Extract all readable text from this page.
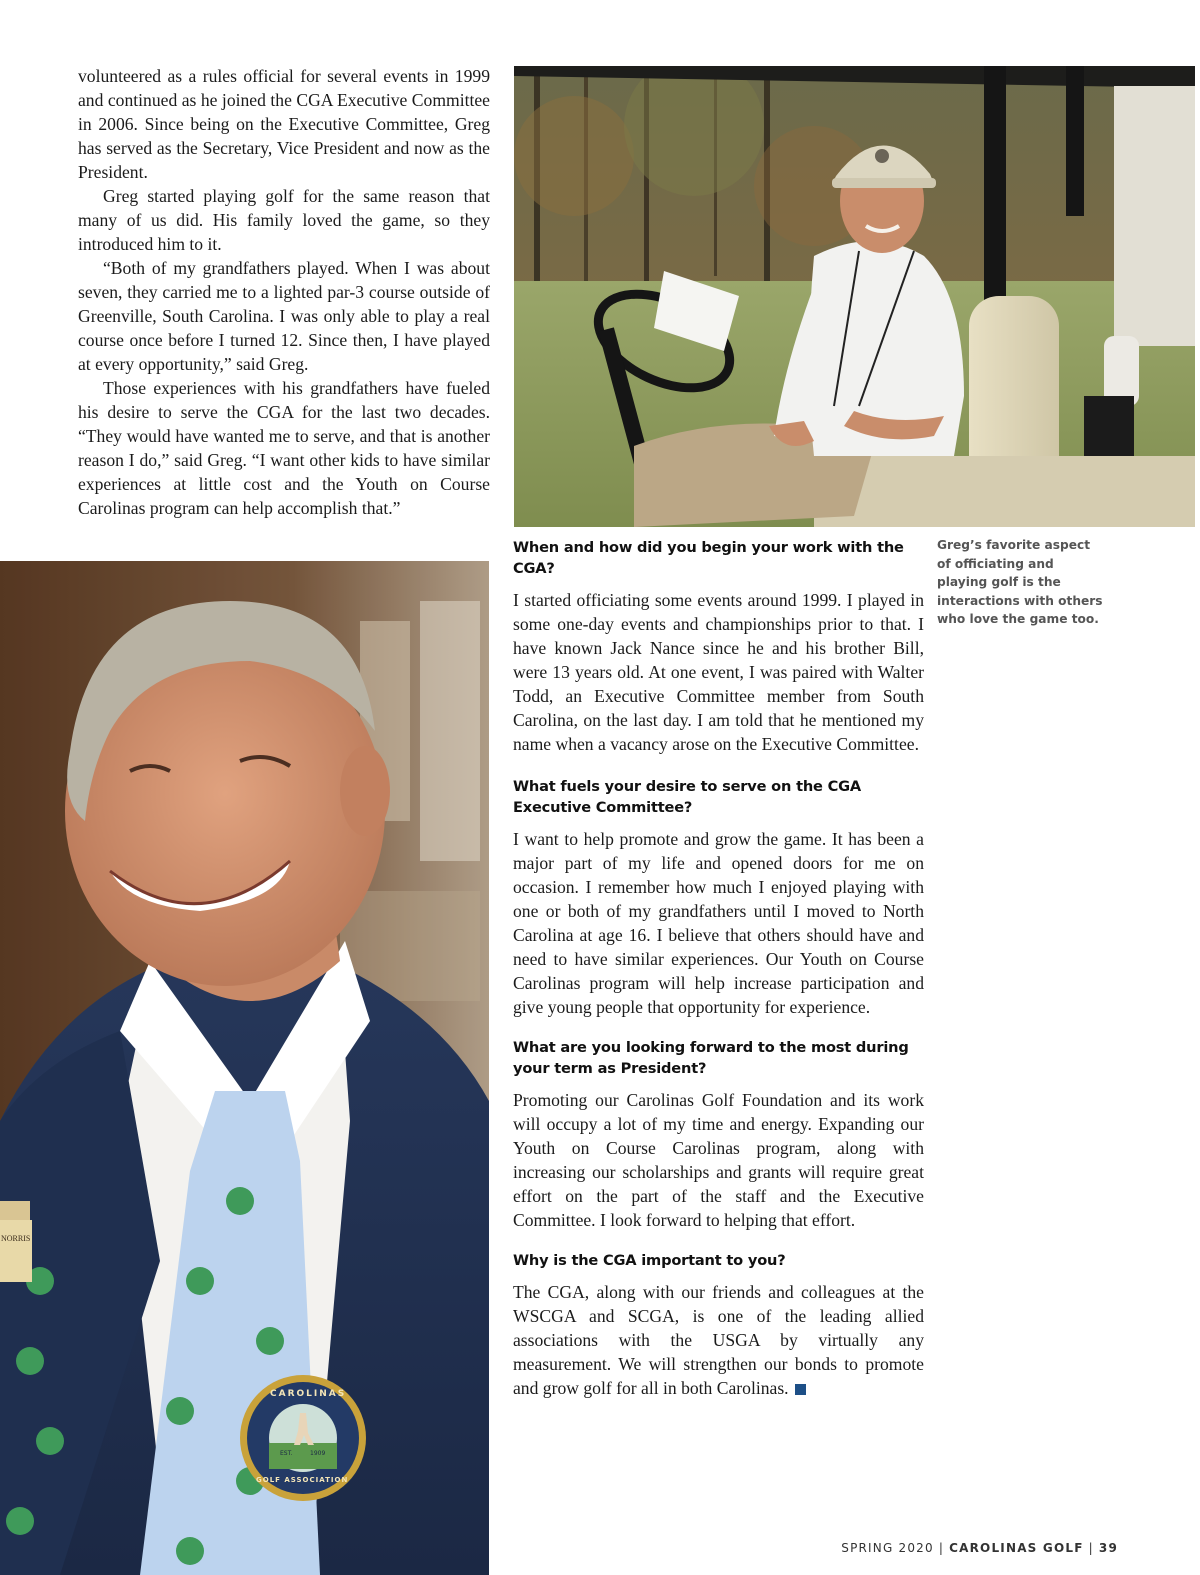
volunteered as a rules official for several events in 1999 and continued as he joined the CGA Executive Committee in 2006. Since being on the Executive Committee, Greg has served as the Secretary, Vice President and now as the President.

Greg started playing golf for the same reason that many of us did. His family loved the game, so they introduced him to it.

“Both of my grandfathers played. When I was about seven, they carried me to a lighted par-3 course outside of Greenville, South Carolina. I was only able to play a real course once before I turned 12. Since then, I have played at every opportunity,” said Greg.

Those experiences with his grandfathers have fueled his desire to serve the CGA for the last two decades. “They would have wanted me to serve, and that is another reason I do,” said Greg. “I want other kids to have similar experiences at little cost and the Youth on Course Carolinas program can help accomplish that.”

Greg’s favorite aspect of officiating and playing golf is the interactions with others who love the game too.
NORRIS
CAROLINAS
GOLF ASSOCIATION
EST.	1909
When and how did you begin your work with the CGA?

I started officiating some events around 1999. I played in some one-day events and championships prior to that. I have known Jack Nance since he and his brother Bill, were 13 years old. At one event, I was paired with Walter Todd, an Executive Committee member from South Carolina, on the last day. I am told that he mentioned my name when a vacancy arose on the Executive Committee.

What fuels your desire to serve on the CGA Executive Committee?

I want to help promote and grow the game. It has been a major part of my life and opened doors for me on occasion. I remember how much I enjoyed playing with one or both of my grandfathers until I moved to North Carolina at age 16. I believe that others should have and need to have similar experiences. Our Youth on Course Carolinas program will help increase participation and give young people that opportunity for experience.

What are you looking forward to the most during your term as President?

Promoting our Carolinas Golf Foundation and its work will occupy a lot of my time and energy. Expanding our Youth on Course Carolinas program, along with increasing our scholarships and grants will require great effort on the part of the staff and the Executive Committee. I look forward to helping that effort.

Why is the CGA important to you?

The CGA, along with our friends and colleagues at the WSCGA and SCGA, is one of the leading allied associations with the USGA by virtually any measurement. We will strengthen our bonds to promote and grow golf for all in both Carolinas.

SPRING 2020 | CAROLINAS GOLF | 39
